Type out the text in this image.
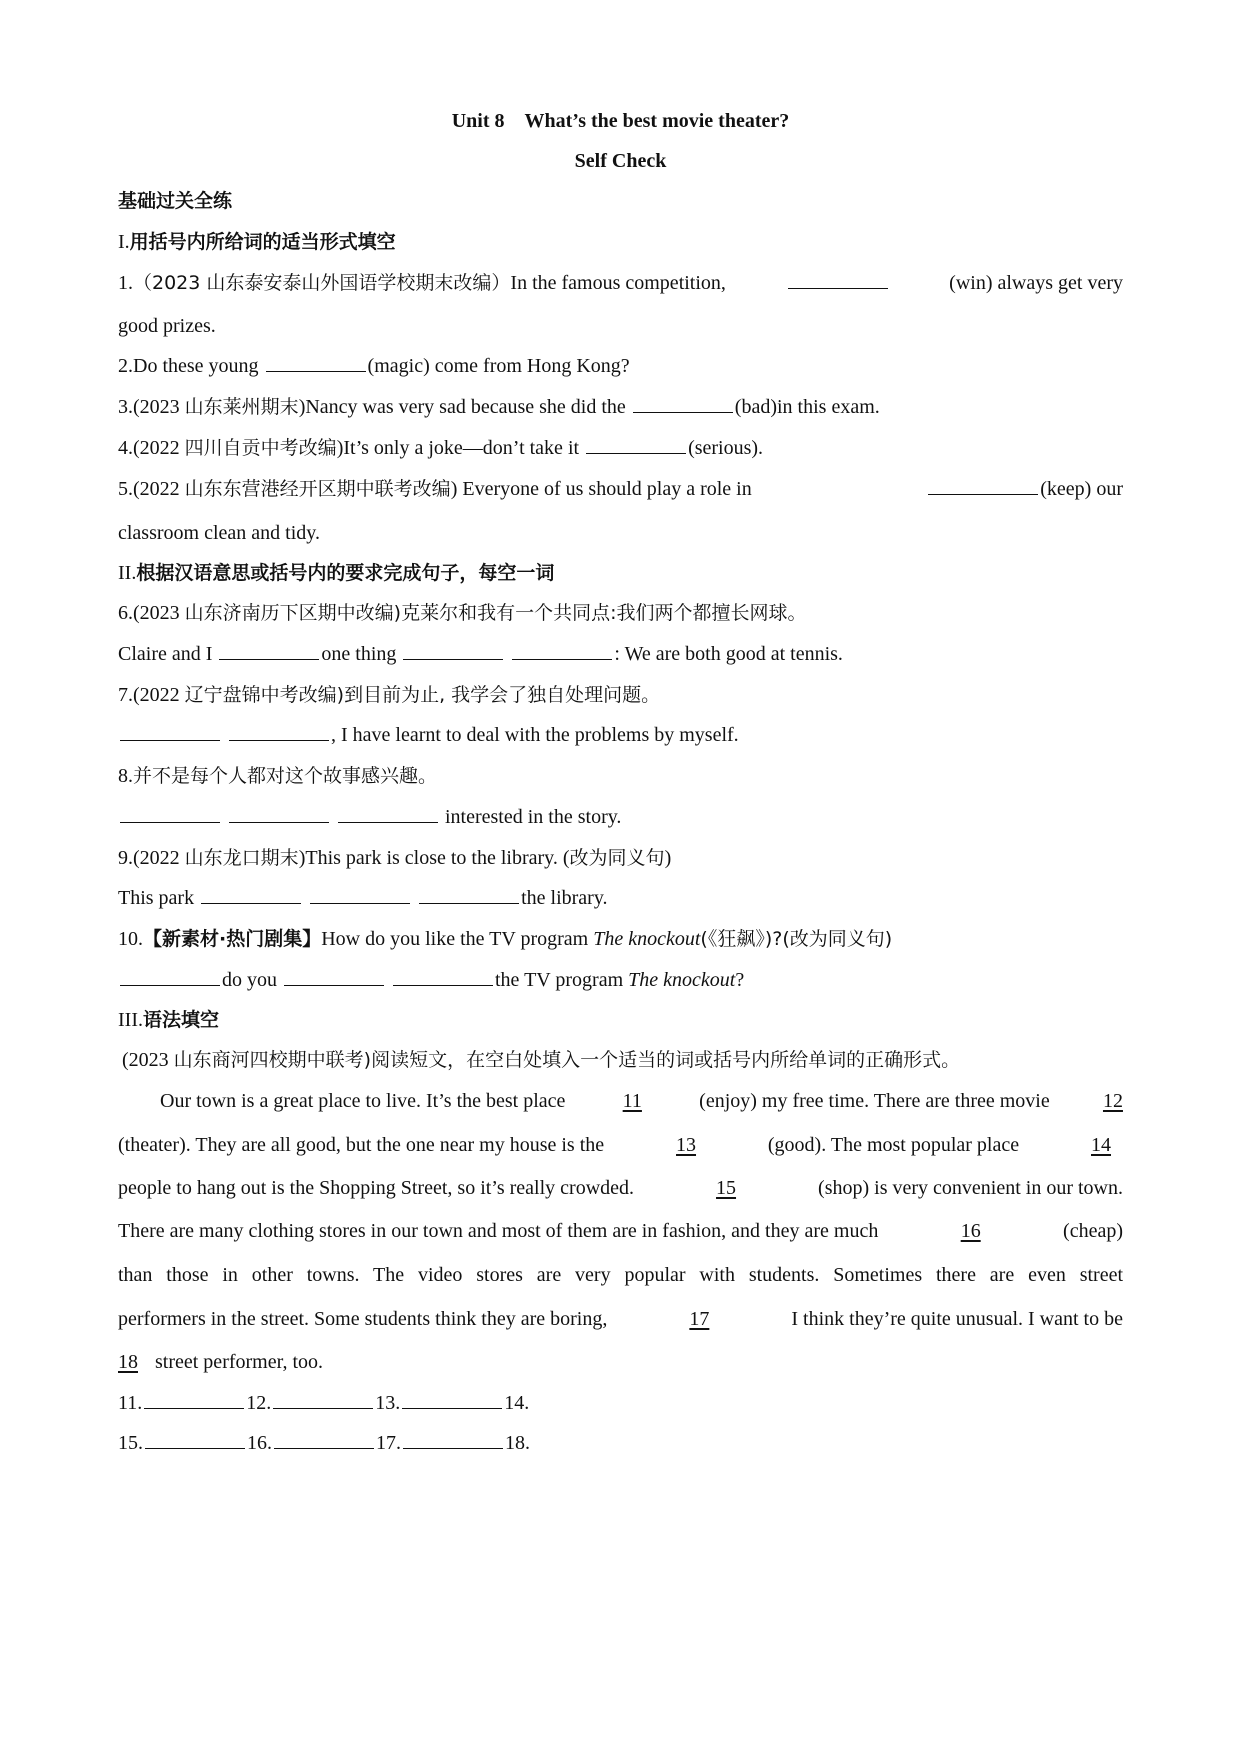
Unit 8    What’s the best movie theater?
Self Check
基础过关全练
I.用括号内所给词的适当形式填空
1.（2023 山东泰安泰山外国语学校期末改编）In the famous competition,	(win) always get very
good prizes.
2.Do these young	(magic) come from Hong Kong?
3.(2023 山东莱州期末)Nancy was very sad because she did the	(bad)in this exam.
4.(2022 四川自贡中考改编)It’s only a joke—don’t take it	(serious).
5.(2022 山东东营港经开区期中联考改编) Everyone of us should play a role in	(keep) our
classroom clean and tidy.
II.根据汉语意思或括号内的要求完成句子，每空一词
6.(2023 山东济南历下区期中改编)克莱尔和我有一个共同点:我们两个都擅长网球。
Claire and I	one thing	: We are both good at tennis.
7.(2022 辽宁盘锦中考改编)到目前为止, 我学会了独自处理问题。
, I have learnt to deal with the problems by myself.
8.并不是每个人都对这个故事感兴趣。
interested in the story.
9.(2022 山东龙口期末)This park is close to the library. (改为同义句)
This park	the library.
10.【新素材·热门剧集】How do you like the TV program The knockout(《狂飙》)?(改为同义句)
do you	the TV program The knockout?
III.语法填空
(2023 山东商河四校期中联考)阅读短文，在空白处填入一个适当的词或括号内所给单词的正确形式。
Our town is a great place to live. It’s the best place	11	(enjoy) my free time. There are three movie	12
(theater). They are all good, but the one near my house is the	13	(good). The most popular place	14
people to hang out is the Shopping Street, so it’s really crowded.	15	(shop) is very convenient in our town.
There are many clothing stores in our town and most of them are in fashion, and they are much	16	(cheap)
than those in other towns. The video stores are very popular with students. Sometimes there are even street
performers in the street. Some students think they are boring,	17	I think they’re quite unusual. I want to be
18 street performer, too.
11.	12.	13.	14.
15.	16.	17.	18.
